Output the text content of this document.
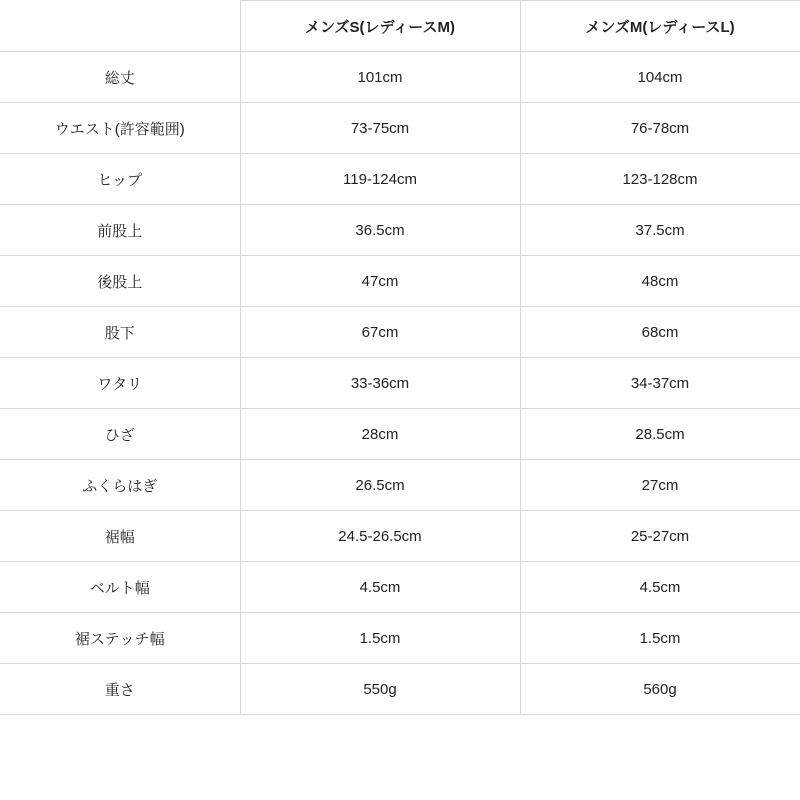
	メンズS(レディースM)	メンズM(レディースL)
総丈	101cm	104cm
ウエスト(許容範囲)	73-75cm	76-78cm
ヒップ	119-124cm	123-128cm
前股上	36.5cm	37.5cm
後股上	47cm	48cm
股下	67cm	68cm
ワタリ	33-36cm	34-37cm
ひざ	28cm	28.5cm
ふくらはぎ	26.5cm	27cm
裾幅	24.5-26.5cm	25-27cm
ベルト幅	4.5cm	4.5cm
裾ステッチ幅	1.5cm	1.5cm
重さ	550g	560g
